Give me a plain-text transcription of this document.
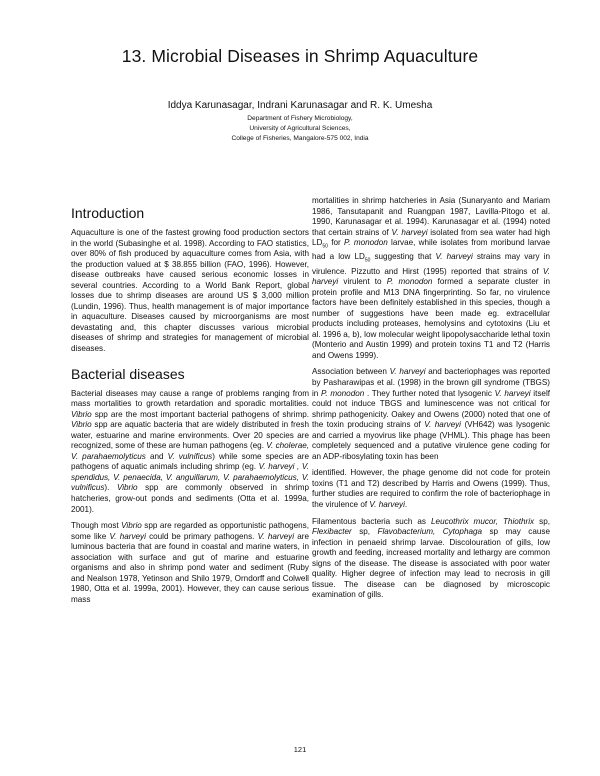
13. Microbial Diseases in Shrimp Aquaculture
Iddya Karunasagar, Indrani Karunasagar and R. K. Umesha
Department of Fishery Microbiology,
University of Agricultural Sciences,
College of Fisheries, Mangalore-575 002, India
Introduction

Aquaculture is one of the fastest growing food production sectors in the world (Subasinghe et al. 1998). According to FAO statistics, over 80% of fish produced by aquaculture comes from Asia, with the production valued at $ 38.855 billion (FAO, 1996). However, disease outbreaks have caused serious economic losses in several countries. According to a World Bank Report, global losses due to shrimp diseases are around US $ 3,000 million (Lundin, 1996). Thus, health management is of major importance in aquaculture. Diseases caused by microorganisms are most devastating and, this chapter discusses various microbial diseases of shrimp and strategies for management of microbial diseases.

Bacterial diseases

Bacterial diseases may cause a range of problems ranging from mass mortalities to growth retardation and sporadic mortalities. Vibrio spp are the most important bacterial pathogens of shrimp. Vibrio spp are aquatic bacteria that are widely distributed in fresh water, estuarine and marine environments. Over 20 species are recognized, some of these are human pathogens (eg. V. cholerae, V. parahaemolyticus and V. vulnificus) while some species are pathogens of aquatic animals including shrimp (eg. V. harveyi , V. spendidus, V. penaecida, V. anguillarum, V. parahaemolyticus, V. vulnificus). Vibrio spp are commonly observed in shrimp hatcheries, grow-out ponds and sediments (Otta et al. 1999a, 2001).

Though most Vibrio spp are regarded as opportunistic pathogens, some like V. harveyi could be primary pathogens. V. harveyi are luminous bacteria that are found in coastal and marine waters, in association with surface and gut of marine and estuarine organisms and also in shrimp pond water and sediment (Ruby and Nealson 1978, Yetinson and Shilo 1979, Orndorff and Colwell 1980, Otta et al. 1999a, 2001). However, they can cause serious mass

mortalities in shrimp hatcheries in Asia (Sunaryanto and Mariam 1986, Tansutapanit and Ruangpan 1987, Lavilla-Pitogo et al. 1990, Karunasagar et al. 1994). Karunasagar et al. (1994) noted that certain strains of V. harveyi isolated from sea water had high $LD_{50}$ for P. monodon larvae, while isolates from moribund larvae had a low $LD_{50}$ suggesting that V. harveyi strains may vary in virulence. Pizzutto and Hirst (1995) reported that strains of V. harveyi virulent to P. monodon formed a separate cluster in protein profile and M13 DNA fingerprinting. So far, no virulence factors have been definitely established in this species, though a number of suggestions have been made eg. extracellular products including proteases, hemolysins and cytotoxins (Liu et al. 1996 a, b), low molecular weight lipopolysaccharide lethal toxin (Monterio and Austin 1999) and protein toxins T1 and T2 (Harris and Owens 1999).

Association between V. harveyi and bacteriophages was reported by Pasharawipas et al. (1998) in the brown gill syndrome (TBGS) in P. monodon . They further noted that lysogenic V. harveyi itself could not induce TBGS and luminescence was not critical for shrimp pathogenicity. Oakey and Owens (2000) noted that one of the toxin producing strains of V. harveyi (VH642) was lysogenic and carried a myovirus like phage (VHML). This phage has been completely sequenced and a putative virulence gene coding for an ADP-ribosylating toxin has been

identified. However, the phage genome did not code for protein toxins (T1 and T2) described by Harris and Owens (1999). Thus, further studies are required to confirm the role of bacteriophage in the virulence of V. harveyi.

Filamentous bacteria such as Leucothrix mucor, Thiothrix sp, Flexibacter sp, Flavobacterium, Cytophaga sp may cause infection in penaeid shrimp larvae. Discolouration of gills, low growth and feeding, increased mortality and lethargy are common signs of the disease. The disease is associated with poor water quality. Higher degree of infection may lead to necrosis in gill tissue. The disease can be diagnosed by microscopic examination of gills.

121
